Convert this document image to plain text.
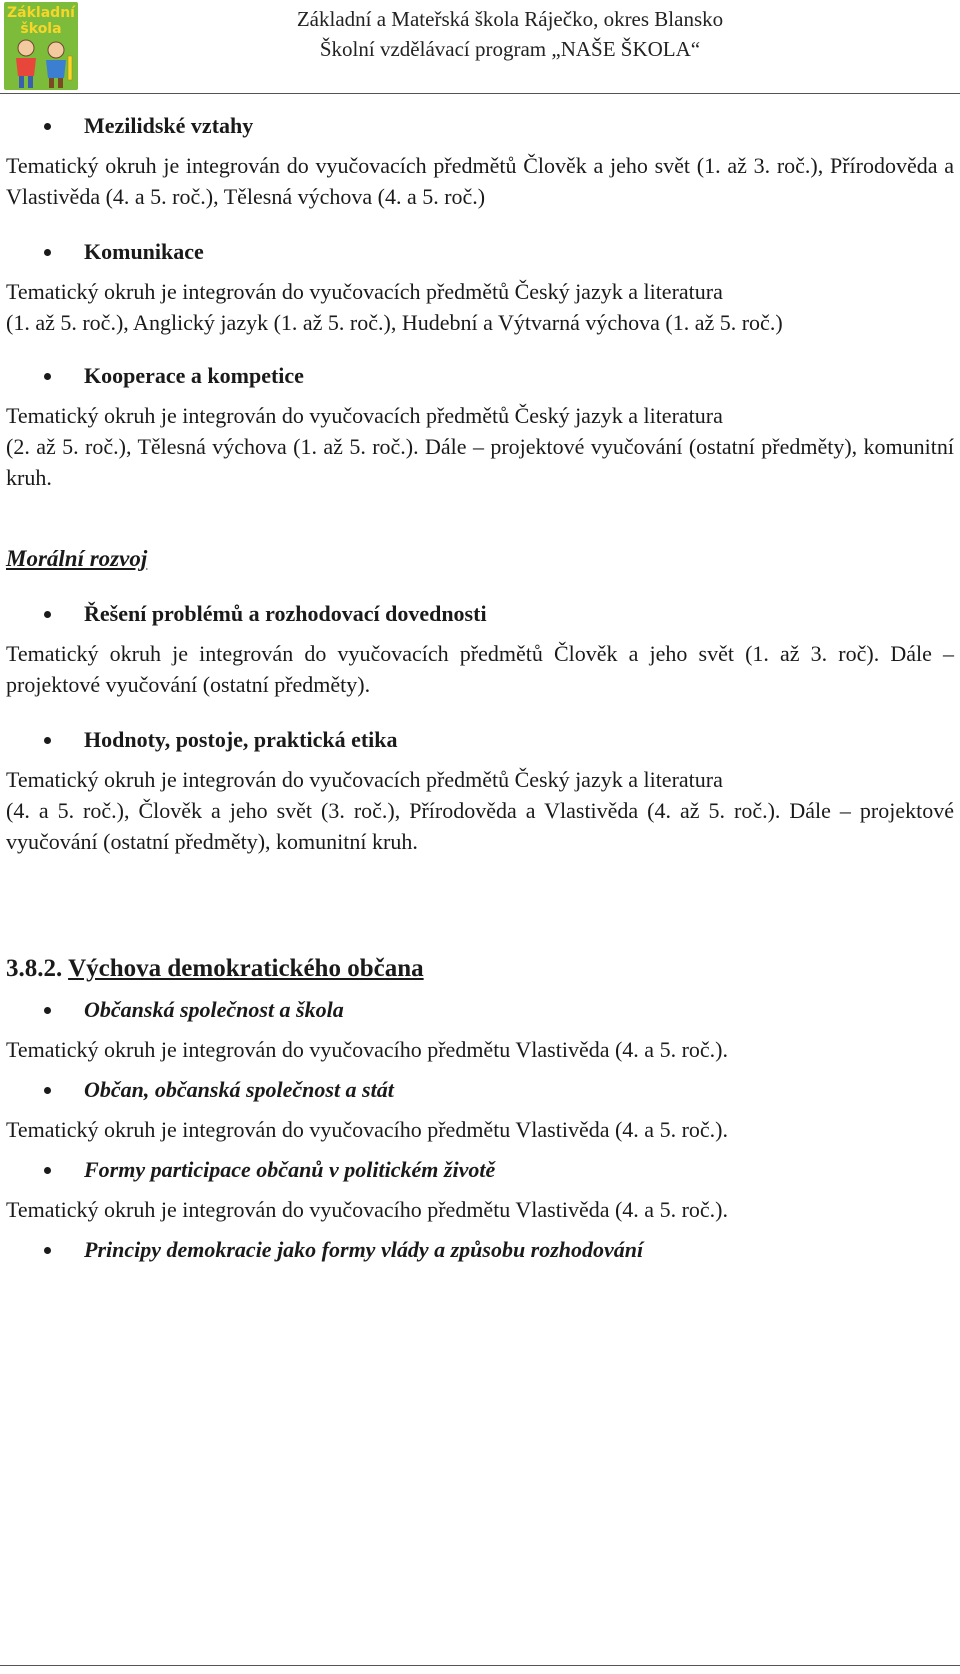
Základní
škola	Základní a Mateřská škola Ráječko, okres Blansko
Školní vzdělávací program „NAŠE ŠKOLA“

Mezilidské vztahy

Tematický okruh je integrován do vyučovacích předmětů Člověk a jeho svět (1. až 3. roč.), Přírodověda a Vlastivěda (4. a 5. roč.), Tělesná výchova (4. a 5. roč.)

Komunikace

Tematický okruh je integrován do vyučovacích předmětů Český jazyk a literatura

(1. až 5. roč.), Anglický jazyk (1. až 5. roč.), Hudební a Výtvarná výchova (1. až 5. roč.)

Kooperace a kompetice

Tematický okruh je integrován do vyučovacích předmětů Český jazyk a literatura

(2. až 5. roč.), Tělesná výchova (1. až 5. roč.). Dále – projektové vyučování (ostatní předměty), komunitní kruh.

Morální rozvoj

Řešení problémů a rozhodovací dovednosti

Tematický okruh je integrován do vyučovacích předmětů Člověk a jeho svět (1. až 3. roč). Dále – projektové vyučování (ostatní předměty).

Hodnoty, postoje, praktická etika

Tematický okruh je integrován do vyučovacích předmětů Český jazyk a literatura

(4. a 5. roč.), Člověk a jeho svět (3. roč.), Přírodověda a Vlastivěda (4. až 5. roč.). Dále – projektové vyučování (ostatní předměty), komunitní kruh.

3.8.2. Výchova demokratického občana

Občanská společnost a škola

Tematický okruh je integrován do vyučovacího předmětu Vlastivěda (4. a 5. roč.).

Občan, občanská společnost a stát

Tematický okruh je integrován do vyučovacího předmětu Vlastivěda (4. a 5. roč.).

Formy participace občanů v politickém životě

Tematický okruh je integrován do vyučovacího předmětu Vlastivěda (4. a 5. roč.).

Principy demokracie jako formy vlády a způsobu rozhodování
